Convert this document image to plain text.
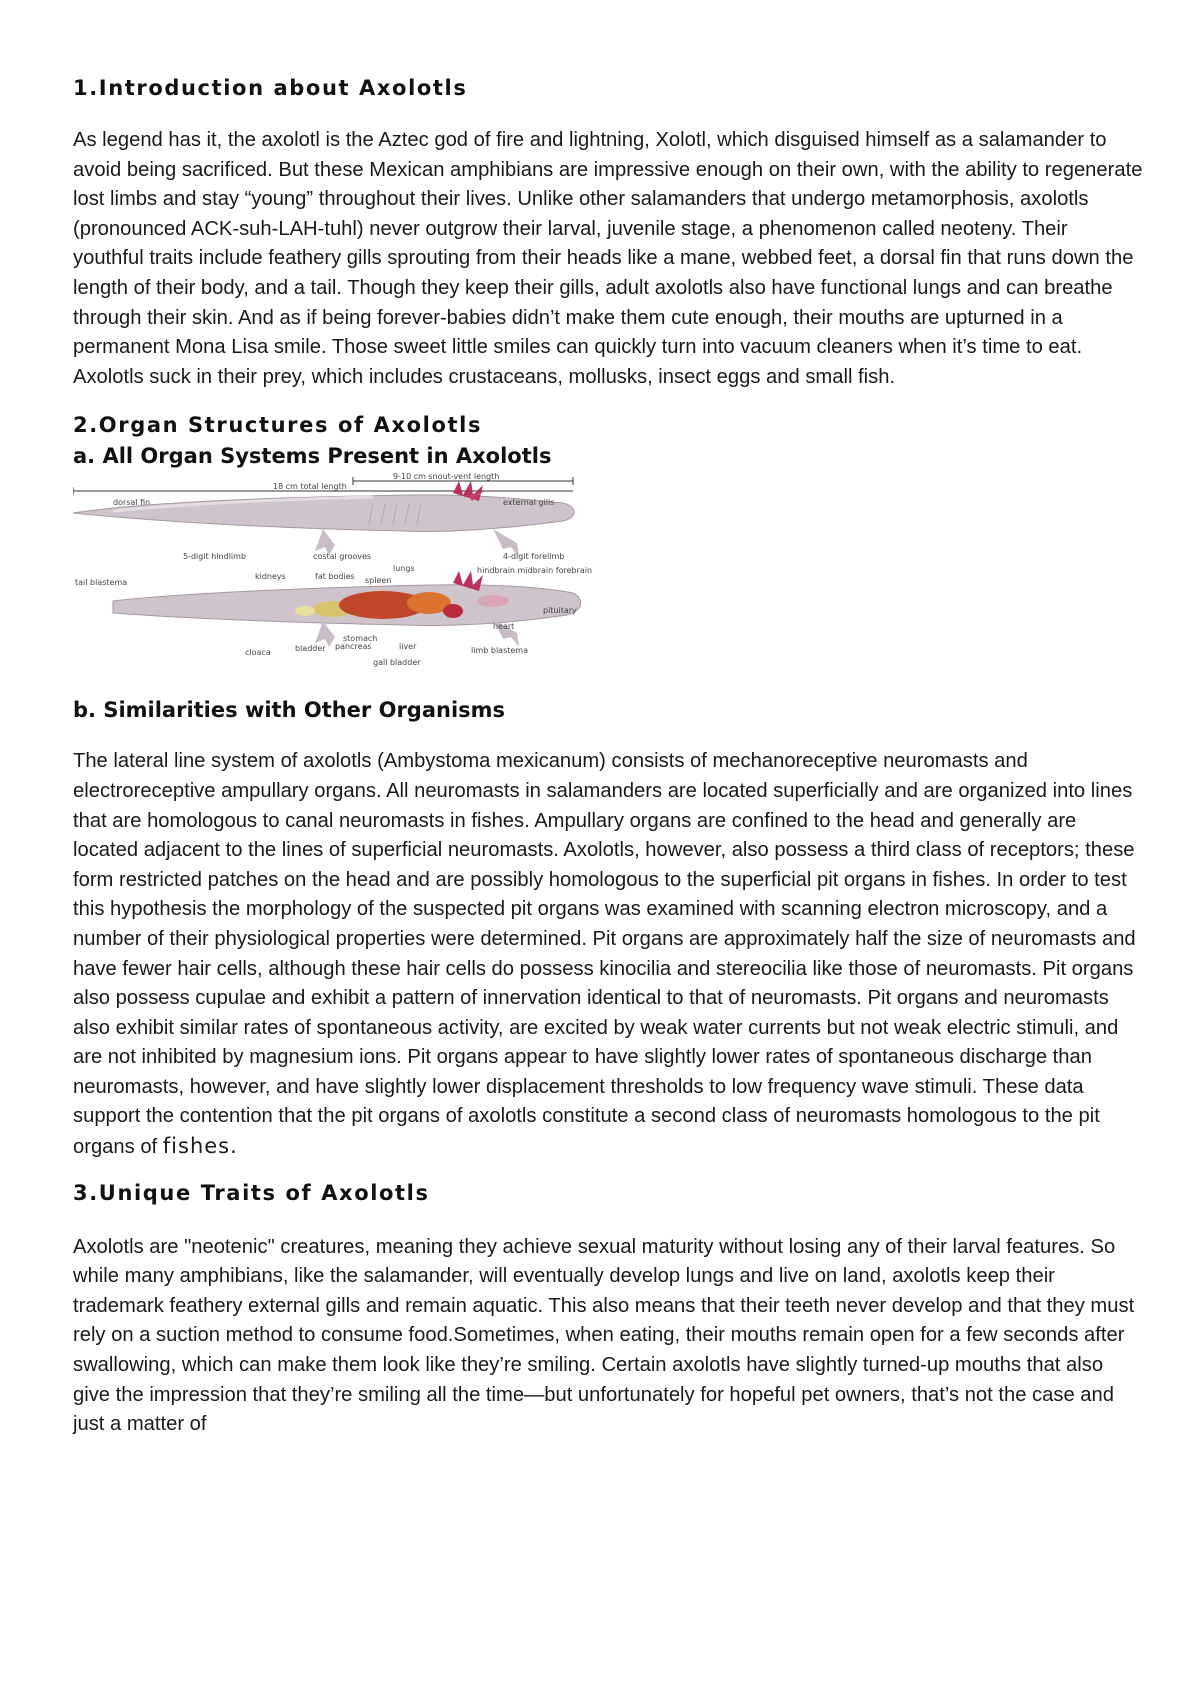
1.Introduction about Axolotls

As legend has it, the axolotl is the Aztec god of fire and lightning, Xolotl, which disguised himself as a salamander to avoid being sacrificed. But these Mexican amphibians are impressive enough on their own, with the ability to regenerate lost limbs and stay “young” throughout their lives. Unlike other salamanders that undergo metamorphosis, axolotls (pronounced ACK-suh-LAH-tuhl) never outgrow their larval, juvenile stage, a phenomenon called neoteny. Their youthful traits include feathery gills sprouting from their heads like a mane, webbed feet, a dorsal fin that runs down the length of their body, and a tail. Though they keep their gills, adult axolotls also have functional lungs and can breathe through their skin. And as if being forever-babies didn’t make them cute enough, their mouths are upturned in a permanent Mona Lisa smile. Those sweet little smiles can quickly turn into vacuum cleaners when it’s time to eat. Axolotls suck in their prey, which includes crustaceans, mollusks, insect eggs and small fish.

2.Organ Structures of Axolotls
a. All Organ Systems Present in Axolotls
9-10 cm snout-vent length
18 cm total length
dorsal fin	external gills
5-digit hindlimb	costal grooves	4-digit forelimb
tail blastema
kidneys	fat bodies spleen
lungs	hindbrain midbrain forebrain
pituitary
heart
stomach
pancreas	liver
cloaca	bladder
gall bladder
limb blastema
b. Similarities with Other Organisms

The lateral line system of axolotls (Ambystoma mexicanum) consists of mechanoreceptive neuromasts and electroreceptive ampullary organs. All neuromasts in salamanders are located superficially and are organized into lines that are homologous to canal neuromasts in fishes. Ampullary organs are confined to the head and generally are located adjacent to the lines of superficial neuromasts. Axolotls, however, also possess a third class of receptors; these form restricted patches on the head and are possibly homologous to the superficial pit organs in fishes. In order to test this hypothesis the morphology of the suspected pit organs was examined with scanning electron microscopy, and a number of their physiological properties were determined. Pit organs are approximately half the size of neuromasts and have fewer hair cells, although these hair cells do possess kinocilia and stereocilia like those of neuromasts. Pit organs also possess cupulae and exhibit a pattern of innervation identical to that of neuromasts. Pit organs and neuromasts also exhibit similar rates of spontaneous activity, are excited by weak water currents but not weak electric stimuli, and are not inhibited by magnesium ions. Pit organs appear to have slightly lower rates of spontaneous discharge than neuromasts, however, and have slightly lower displacement thresholds to low frequency wave stimuli. These data support the contention that the pit organs of axolotls constitute a second class of neuromasts homologous to the pit organs of fishes.

3.Unique Traits of Axolotls

Axolotls are "neotenic" creatures, meaning they achieve sexual maturity without losing any of their larval features. So while many amphibians, like the salamander, will eventually develop lungs and live on land, axolotls keep their trademark feathery external gills and remain aquatic. This also means that their teeth never develop and that they must rely on a suction method to consume food.Sometimes, when eating, their mouths remain open for a few seconds after swallowing, which can make them look like they’re smiling. Certain axolotls have slightly turned-up mouths that also give the impression that they’re smiling all the time—but unfortunately for hopeful pet owners, that’s not the case and just a matter of
